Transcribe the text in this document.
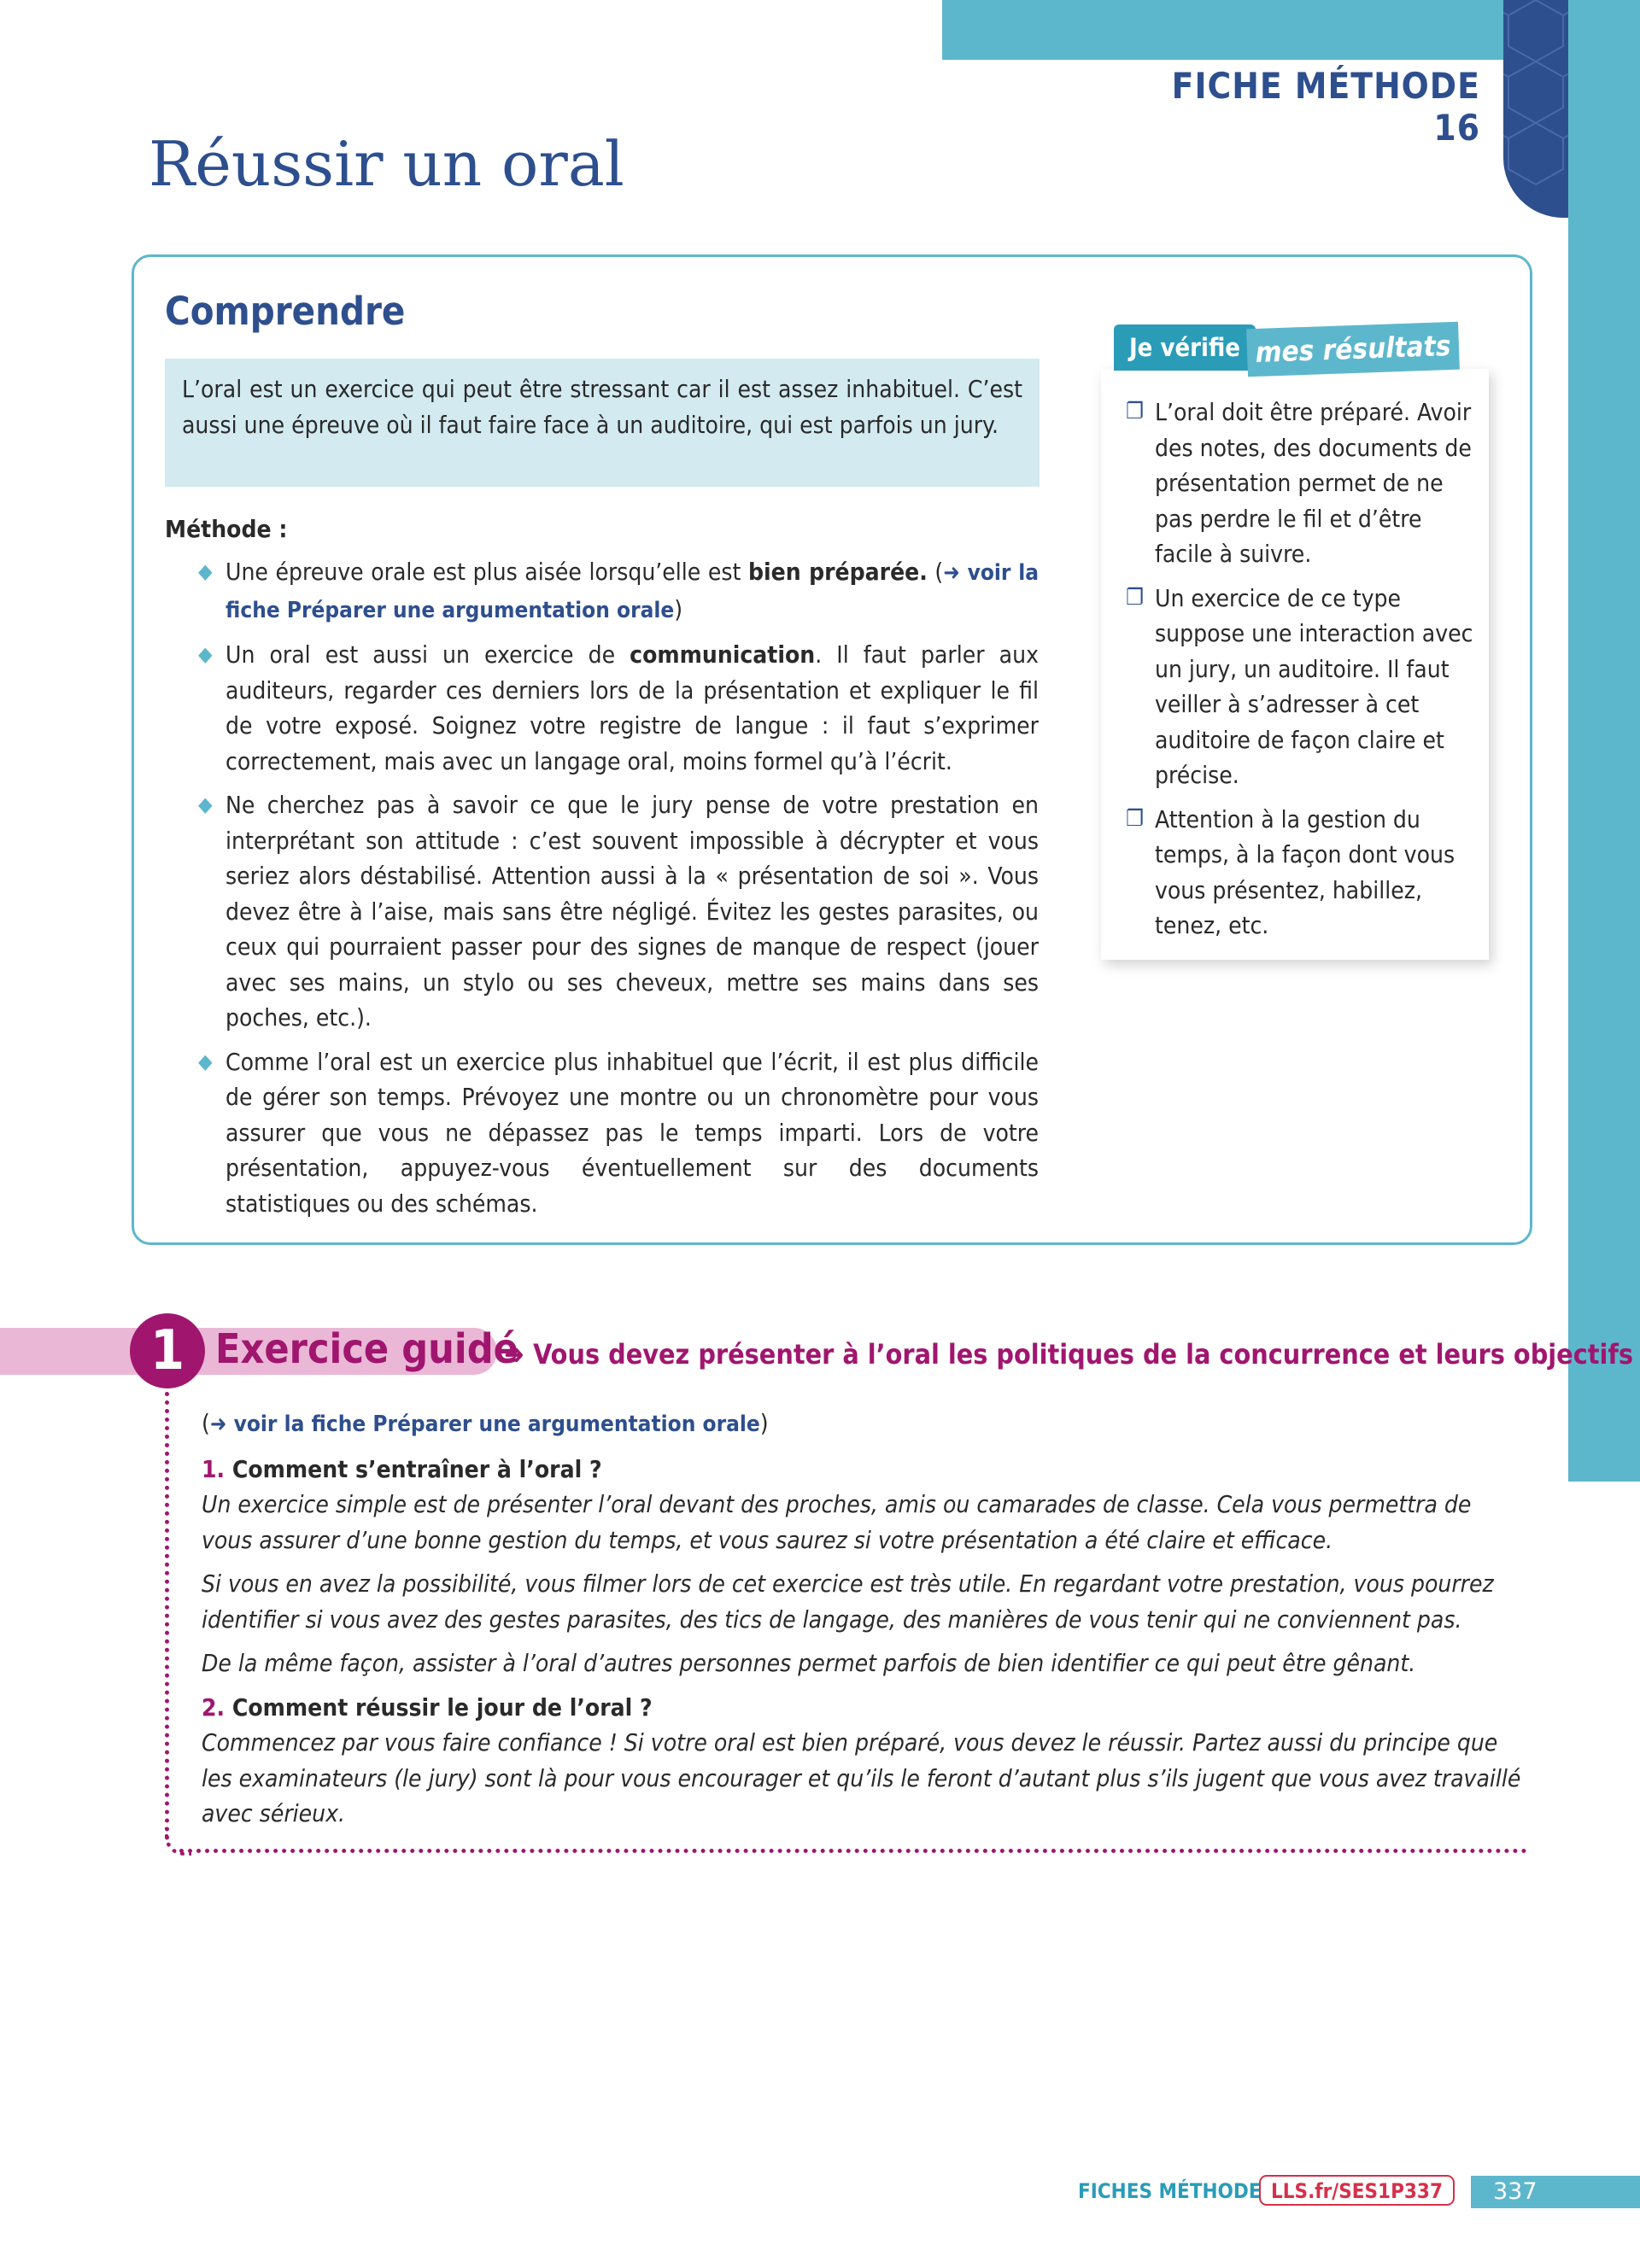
FICHE MÉTHODE 16
Réussir un oral
Comprendre
L’oral est un exercice qui peut être stressant car il est assez inhabituel. C’est aussi une épreuve où il faut faire face à un auditoire, qui est parfois un jury.
Méthode :
◆ Une épreuve orale est plus aisée lorsqu’elle est bien préparée. (➜ voir la fiche Préparer une argumentation orale)
◆ Un oral est aussi un exercice de communication. Il faut parler aux auditeurs, regarder ces derniers lors de la présentation et expliquer le fil de votre exposé. Soignez votre registre de langue : il faut s’exprimer correctement, mais avec un langage oral, moins formel qu’à l’écrit.
◆ Ne cherchez pas à savoir ce que le jury pense de votre prestation en interprétant son attitude : c’est souvent impossible à décrypter et vous seriez alors déstabilisé. Attention aussi à la « présentation de soi ». Vous devez être à l’aise, mais sans être négligé. Évitez les gestes parasites, ou ceux qui pourraient passer pour des signes de manque de respect (jouer avec ses mains, un stylo ou ses cheveux, mettre ses mains dans ses poches, etc.).
◆ Comme l’oral est un exercice plus inhabituel que l’écrit, il est plus difficile de gérer son temps. Prévoyez une montre ou un chronomètre pour vous assurer que vous ne dépassez pas le temps imparti. Lors de votre présentation, appuyez-vous éventuellement sur des documents statistiques ou des schémas.
Je vérifie mes résultats
❐ L’oral doit être préparé. Avoir des notes, des documents de présentation permet de ne pas perdre le fil et d’être facile à suivre.
❐ Un exercice de ce type suppose une interaction avec un jury, un auditoire. Il faut veiller à s’adresser à cet auditoire de façon claire et précise.
❐ Attention à la gestion du temps, à la façon dont vous vous présentez, habillez, tenez, etc.
1 Exercice guidé
➜ Vous devez présenter à l’oral les politiques de la concurrence et leurs objectifs

(➜ voir la fiche Préparer une argumentation orale)

1. Comment s’entraîner à l’oral ?

Un exercice simple est de présenter l’oral devant des proches, amis ou camarades de classe. Cela vous permettra de vous assurer d’une bonne gestion du temps, et vous saurez si votre présentation a été claire et efficace.

Si vous en avez la possibilité, vous filmer lors de cet exercice est très utile. En regardant votre prestation, vous pourrez identifier si vous avez des gestes parasites, des tics de langage, des manières de vous tenir qui ne conviennent pas.

De la même façon, assister à l’oral d’autres personnes permet parfois de bien identifier ce qui peut être gênant.

2. Comment réussir le jour de l’oral ?

Commencez par vous faire confiance ! Si votre oral est bien préparé, vous devez le réussir. Partez aussi du principe que les examinateurs (le jury) sont là pour vous encourager et qu’ils le feront d’autant plus s’ils jugent que vous avez travaillé avec sérieux.

FICHES MÉTHODE LLS.fr/SES1P337	337
